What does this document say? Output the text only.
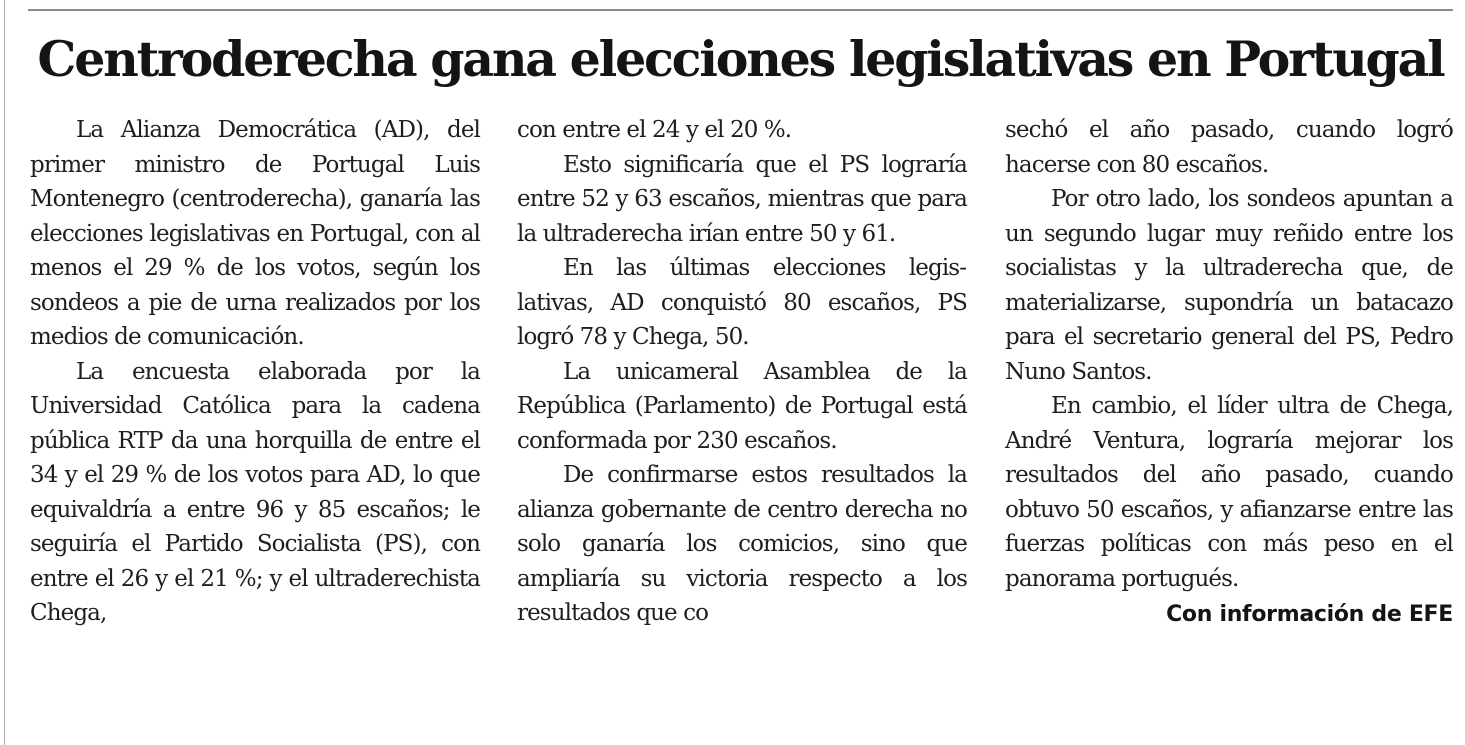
Centroderecha gana elecciones legislativas en Portugal

La Alianza Democrática (AD), del primer ministro de Portugal Luis Montenegro (centroderecha), ganaría las elecciones legislativas en Portugal, con al menos el 29 % de los votos, según los sondeos a pie de urna realizados por los medios de comunicación.

La encuesta elaborada por la Universidad Católica para la cadena pública RTP da una horquilla de entre el 34 y el 29 % de los votos para AD, lo que equivaldría a entre 96 y 85 escaños; le seguiría el Partido Socialista (PS), con entre el 26 y el 21 %; y el ultraderechista Chega,

con entre el 24 y el 20 %.

Esto significaría que el PS lograría entre 52 y 63 escaños, mientras que para la ultraderecha irían entre 50 y 61.

En las últimas elecciones legislativas, AD conquistó 80 escaños, PS logró 78 y Chega, 50.

La unicameral Asamblea de la República (Parlamento) de Portugal está conformada por 230 escaños.

De confirmarse estos resultados la alianza gobernante de centro derecha no solo ganaría los comicios, sino que ampliaría su victoria respecto a los resultados que co

sechó el año pasado, cuando logró hacerse con 80 escaños.

Por otro lado, los sondeos apuntan a un segundo lugar muy reñido entre los socialistas y la ultraderecha que, de materializarse, supondría un batacazo para el secretario general del PS, Pedro Nuno Santos.

En cambio, el líder ultra de Chega, André Ventura, lograría mejorar los resultados del año pasado, cuando obtuvo 50 escaños, y afianzarse entre las fuerzas políticas con más peso en el panorama portugués.

Con información de EFE
